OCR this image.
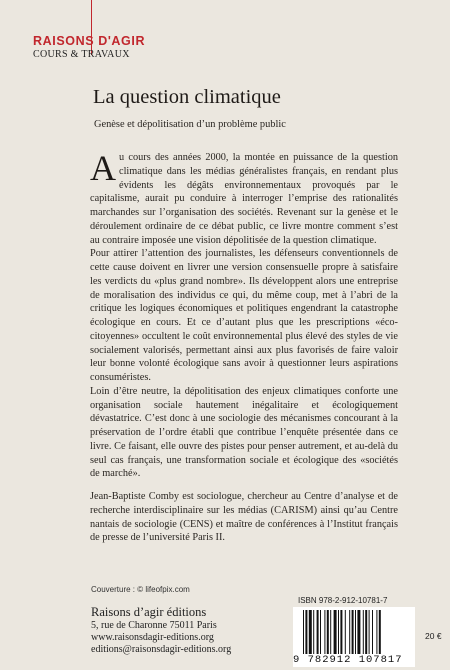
RAISONS D'AGIR
COURS & TRAVAUX
La question climatique
Genèse et dépolitisation d’un problème public

Au cours des années 2000, la montée en puissance de la question climatique dans les médias généralistes français, en rendant plus évidents les dégâts environnementaux provoqués par le capitalisme, aurait pu conduire à interroger l’emprise des rationalités marchandes sur l’organisation des sociétés. Revenant sur la genèse et le déroulement ordinaire de ce débat public, ce livre montre comment s’est au contraire imposée une vision dépolitisée de la question climatique.

Pour attirer l’attention des journalistes, les défenseurs conventionnels de cette cause doivent en livrer une version consensuelle propre à satisfaire les verdicts du «plus grand nombre». Ils développent alors une entreprise de moralisation des individus ce qui, du même coup, met à l’abri de la critique les logiques économiques et politiques engendrant la catastrophe écologique en cours. Et ce d’autant plus que les prescriptions «éco-citoyennes» occultent le coût environnemental plus élevé des styles de vie socialement valorisés, permettant ainsi aux plus favorisés de faire valoir leur bonne volonté écologique sans avoir à questionner leurs aspirations consuméristes.

Loin d’être neutre, la dépolitisation des enjeux climatiques conforte une organisation sociale hautement inégalitaire et écologiquement dévastatrice. C’est donc à une sociologie des mécanismes concourant à la préservation de l’ordre établi que contribue l’enquête présentée dans ce livre. Ce faisant, elle ouvre des pistes pour penser autrement, et au-delà du seul cas français, une transformation sociale et écologique des «sociétés de marché».

Jean-Baptiste Comby est sociologue, chercheur au Centre d’analyse et de recherche interdisciplinaire sur les médias (CARISM) ainsi qu’au Centre nantais de sociologie (CENS) et maître de conférences à l’Institut français de presse de l’université Paris II.

Couverture : © lifeofpix.com
Raisons d’agir éditions
5, rue de Charonne 75011 Paris
www.raisonsdagir-editions.org
editions@raisonsdagir-editions.org
ISBN 978-2-912-10781-7
9 782912 107817
20 €
